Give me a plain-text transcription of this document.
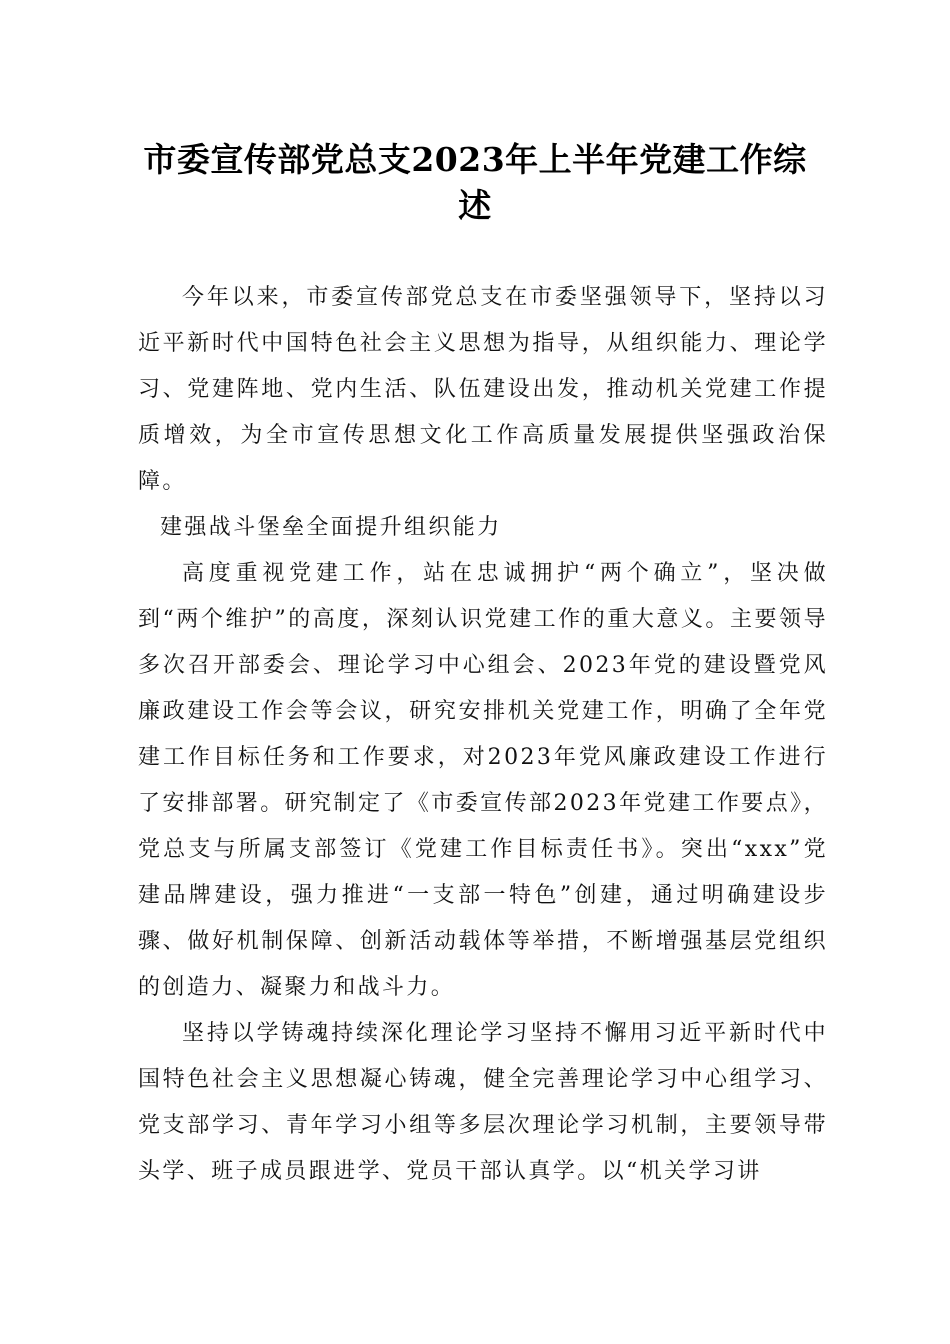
市委宣传部党总支2023年上半年党建工作综述

今年以来，市委宣传部党总支在市委坚强领导下，坚持以习近平新时代中国特色社会主义思想为指导，从组织能力、理论学习、党建阵地、党内生活、队伍建设出发，推动机关党建工作提质增效，为全市宣传思想文化工作高质量发展提供坚强政治保障。

建强战斗堡垒全面提升组织能力

高度重视党建工作，站在忠诚拥护“两个确立”，坚决做到“两个维护”的高度，深刻认识党建工作的重大意义。主要领导多次召开部委会、理论学习中心组会、2023年党的建设暨党风廉政建设工作会等会议，研究安排机关党建工作，明确了全年党建工作目标任务和工作要求，对2023年党风廉政建设工作进行了安排部署。研究制定了《市委宣传部2023年党建工作要点》，党总支与所属支部签订《党建工作目标责任书》。突出“xxx”党建品牌建设，强力推进“一支部一特色”创建，通过明确建设步骤、做好机制保障、创新活动载体等举措，不断增强基层党组织的创造力、凝聚力和战斗力。

坚持以学铸魂持续深化理论学习坚持不懈用习近平新时代中国特色社会主义思想凝心铸魂，健全完善理论学习中心组学习、党支部学习、青年学习小组等多层次理论学习机制，主要领导带头学、班子成员跟进学、党员干部认真学。以“机关学习讲
